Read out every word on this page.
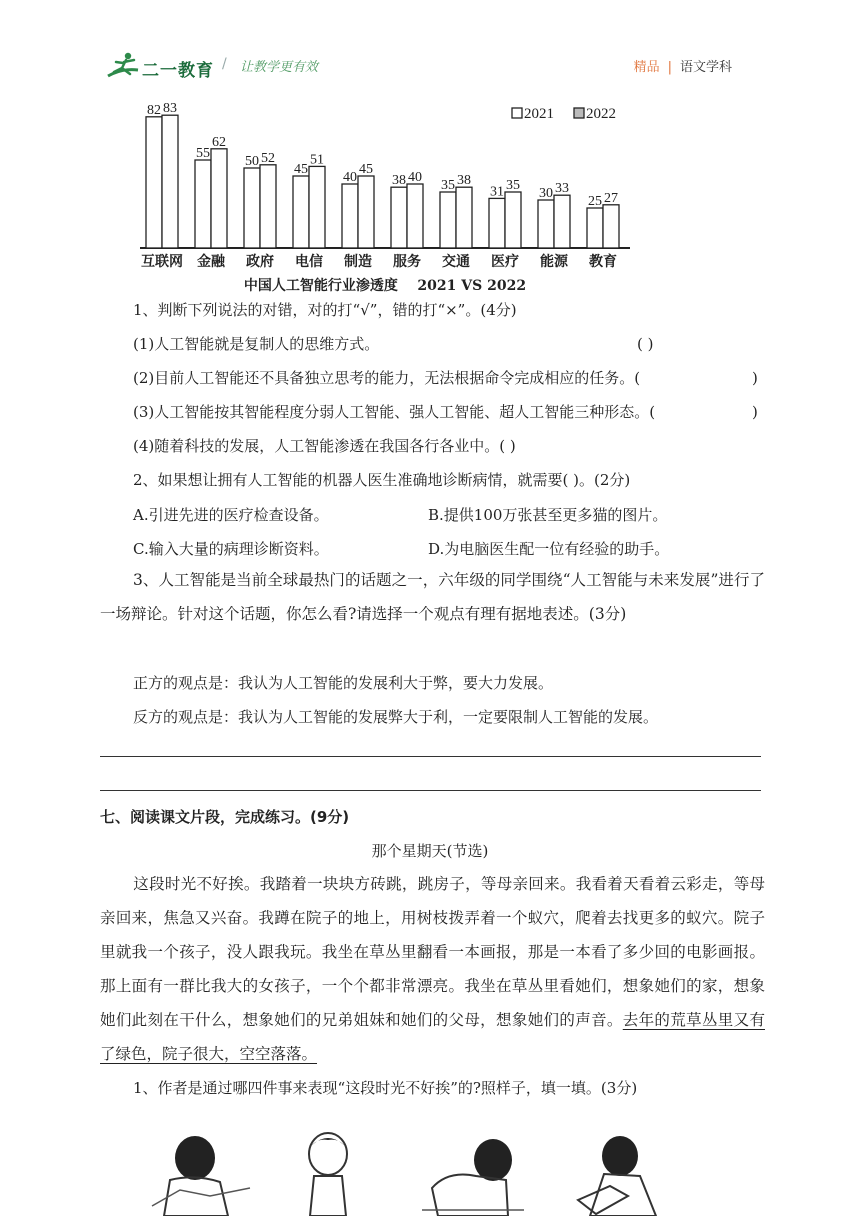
二一教育 / 让教学更有效	精品 | 语文学科
82 83
互联网
55
62
金融
50 52
政府
45
51
电信
40
45
制造
38 40
服务
35 38
交通
31 35
医疗
30 33
能源
25 27
教育
2021 2022
中国人工智能行业渗透度    2021 VS 2022
1、判断下列说法的对错，对的打“√”，错的打“×”。(4分)
(1)人工智能就是复制人的思维方式。	( )
(2)目前人工智能还不具备独立思考的能力，无法根据命令完成相应的任务。(	)
(3)人工智能按其智能程度分弱人工智能、强人工智能、超人工智能三种形态。(	)
(4)随着科技的发展，人工智能渗透在我国各行各业中。( )
2、如果想让拥有人工智能的机器人医生准确地诊断病情，就需要( )。(2分)
A.引进先进的医疗检查设备。	B.提供100万张甚至更多猫的图片。
C.输入大量的病理诊断资料。	D.为电脑医生配一位有经验的助手。
3、人工智能是当前全球最热门的话题之一，六年级的同学围绕“人工智能与未来发展”进行了一场辩论。针对这个话题，你怎么看?请选择一个观点有理有据地表述。(3分)
正方的观点是：我认为人工智能的发展利大于弊，要大力发展。
反方的观点是：我认为人工智能的发展弊大于利，一定要限制人工智能的发展。
七、阅读课文片段，完成练习。(9分)
那个星期天(节选)
这段时光不好挨。我踏着一块块方砖跳，跳房子，等母亲回来。我看着天看着云彩走，等母亲回来，焦急又兴奋。我蹲在院子的地上，用树枝拨弄着一个蚁穴，爬着去找更多的蚁穴。院子里就我一个孩子，没人跟我玩。我坐在草丛里翻看一本画报，那是一本看了多少回的电影画报。 那上面有一群比我大的女孩子，一个个都非常漂亮。我坐在草丛里看她们，想象她们的家，想象她们此刻在干什么，想象她们的兄弟姐妹和她们的父母，想象她们的声音。去年的荒草丛里又有了绿色，院子很大，空空落落。
1、作者是通过哪四件事来表现“这段时光不好挨”的?照样子，填一填。(3分)
